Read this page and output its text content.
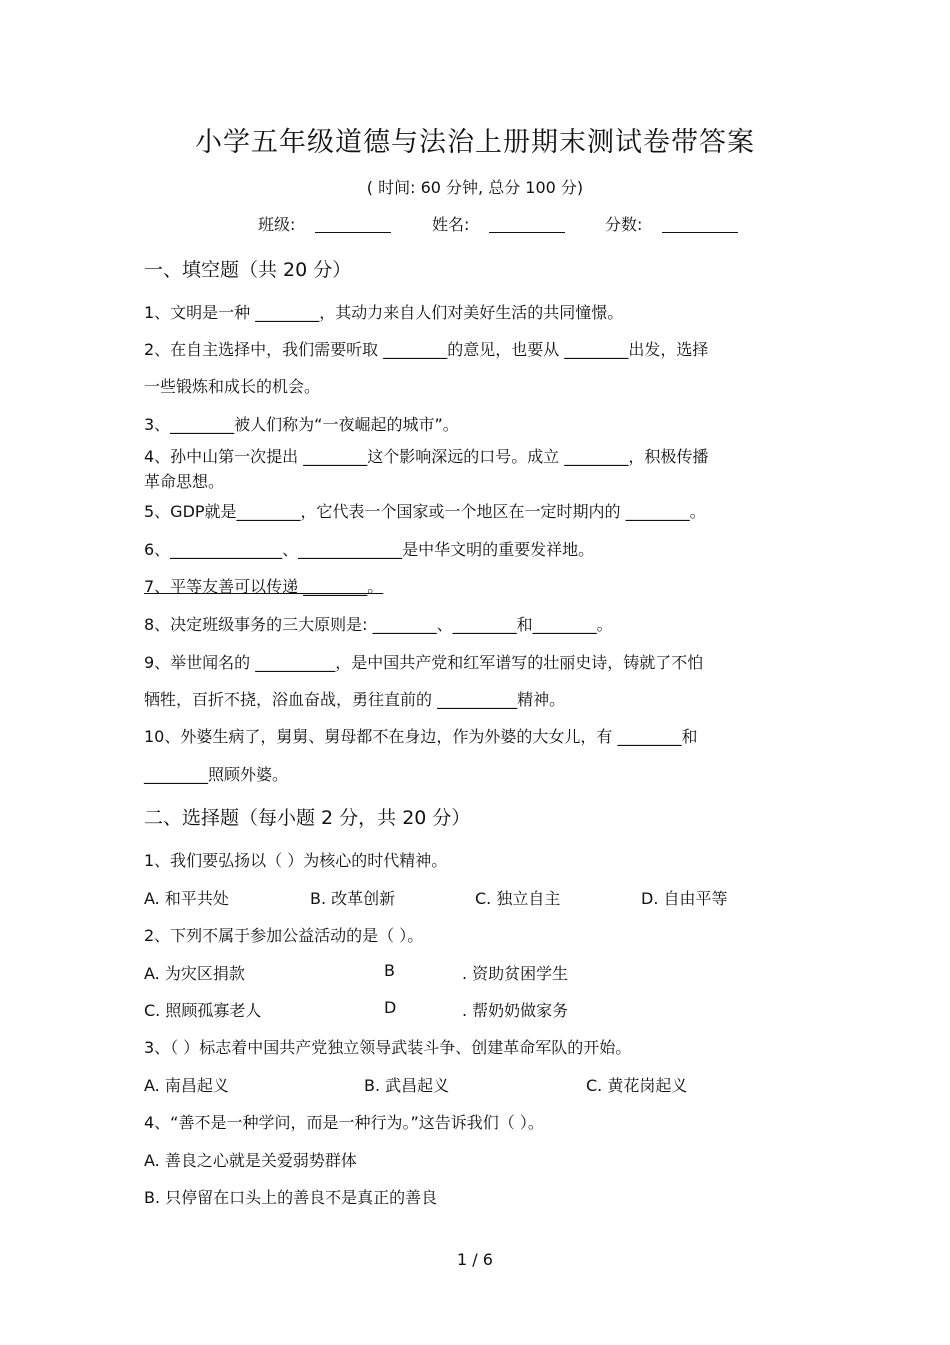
小学五年级道德与法治上册期末测试卷带答案
( 时间: 60 分钟, 总分 100 分)
班级:	姓名:	分数:
一、填空题（共 20 分）
1、文明是一种 ________，其动力来自人们对美好生活的共同憧憬。
2、在自主选择中，我们需要听取 ________的意见，也要从 ________出发，选择
一些锻炼和成长的机会。
3、________被人们称为“一夜崛起的城市”。
4、孙中山第一次提出 ________这个影响深远的口号。成立 ________，积极传播
革命思想。
5、GDP就是________，它代表一个国家或一个地区在一定时期内的 ________。
6、______________、_____________是中华文明的重要发祥地。
7、平等友善可以传递 ________。
8、决定班级事务的三大原则是: ________、________和________。
9、举世闻名的 __________，是中国共产党和红军谱写的壮丽史诗，铸就了不怕
牺牲，百折不挠，浴血奋战，勇往直前的 __________精神。
10、外婆生病了，舅舅、舅母都不在身边，作为外婆的大女儿，有 ________和
________照顾外婆。
二、选择题（每小题 2 分，共 20 分）
1、我们要弘扬以（ ）为核心的时代精神。
A. 和平共处	B. 改革创新	C. 独立自主	D. 自由平等
2、下列不属于参加公益活动的是（ ）。
A. 为灾区捐款	B	. 资助贫困学生
C. 照顾孤寡老人	D	. 帮奶奶做家务
3、（ ）标志着中国共产党独立领导武装斗争、创建革命军队的开始。
A. 南昌起义	B. 武昌起义	C. 黄花岗起义
4、“善不是一种学问，而是一种行为。”这告诉我们（ ）。
A. 善良之心就是关爱弱势群体
B. 只停留在口头上的善良不是真正的善良
1 / 6
